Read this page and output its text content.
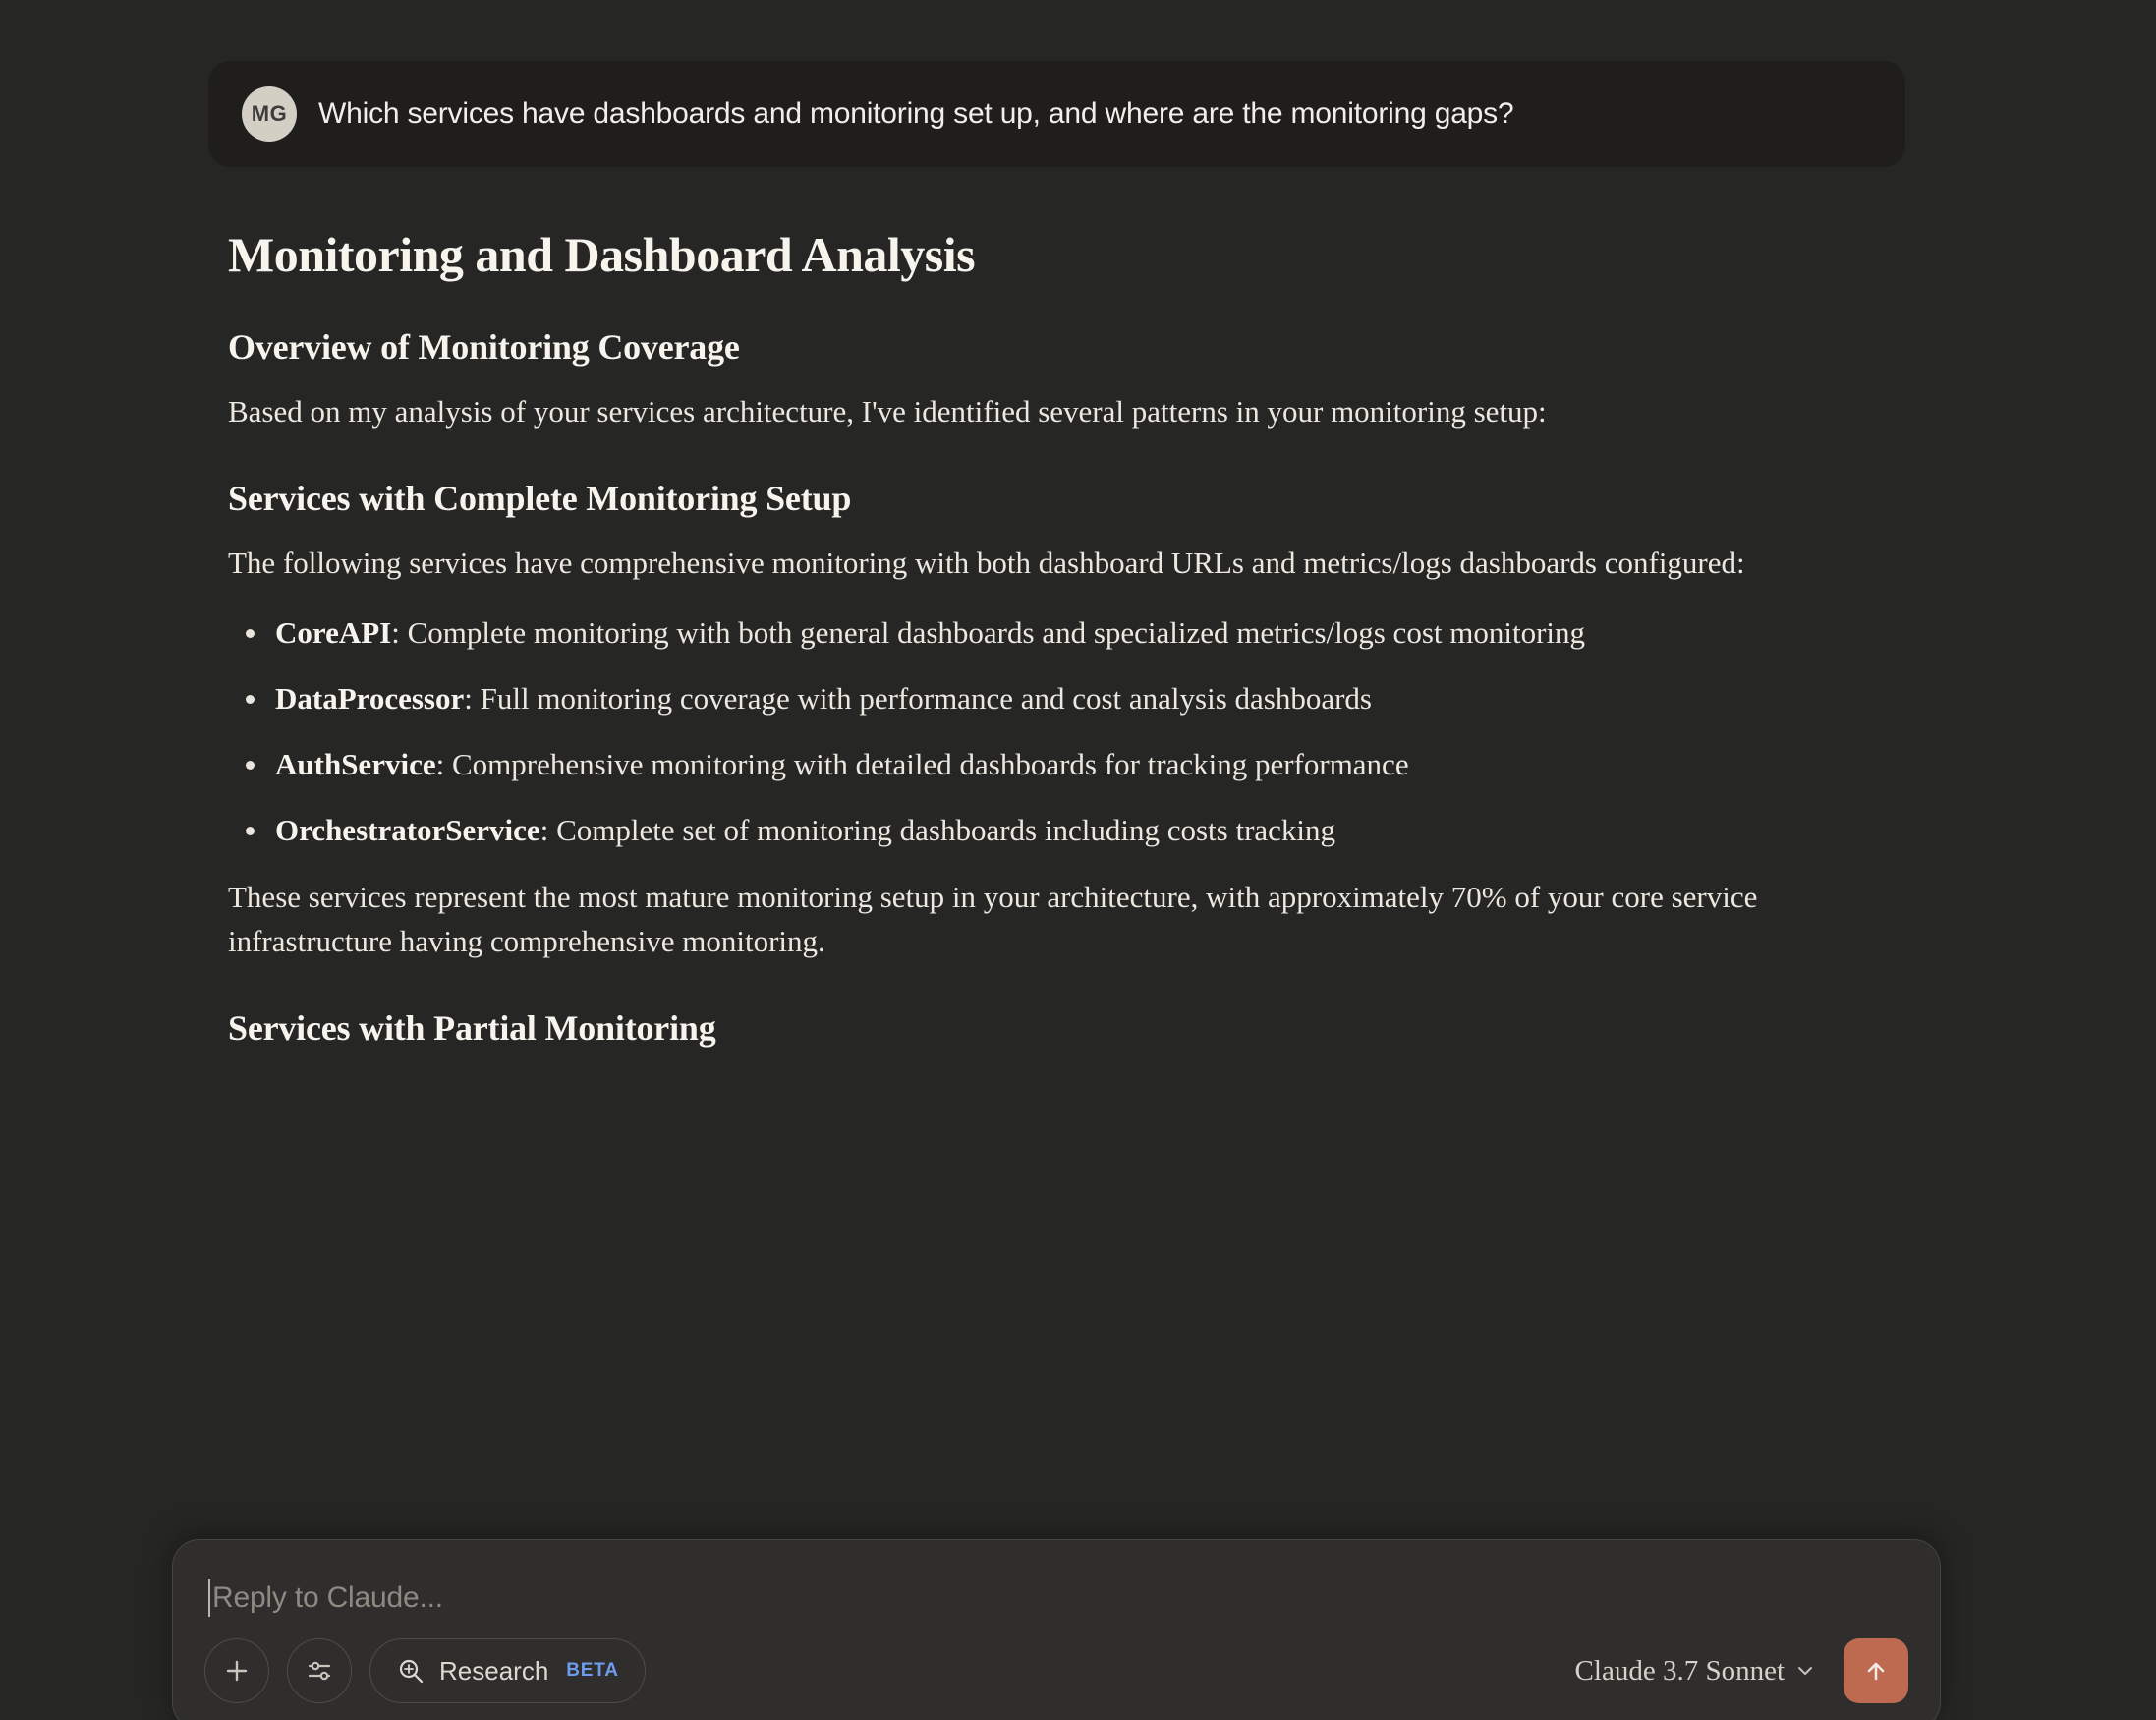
MG Which services have dashboards and monitoring set up, and where are the monitoring gaps?
Monitoring and Dashboard Analysis
Overview of Monitoring Coverage

Based on my analysis of your services architecture, I've identified several patterns in your monitoring setup:

Services with Complete Monitoring Setup

The following services have comprehensive monitoring with both dashboard URLs and metrics/logs dashboards configured:

CoreAPI: Complete monitoring with both general dashboards and specialized metrics/logs cost monitoring
DataProcessor: Full monitoring coverage with performance and cost analysis dashboards
AuthService: Comprehensive monitoring with detailed dashboards for tracking performance
OrchestratorService: Complete set of monitoring dashboards including costs tracking

These services represent the most mature monitoring setup in your architecture, with approximately 70% of your core service infrastructure having comprehensive monitoring.

Services with Partial Monitoring
Reply to Claude...
Research BETA	Claude 3.7 Sonnet
